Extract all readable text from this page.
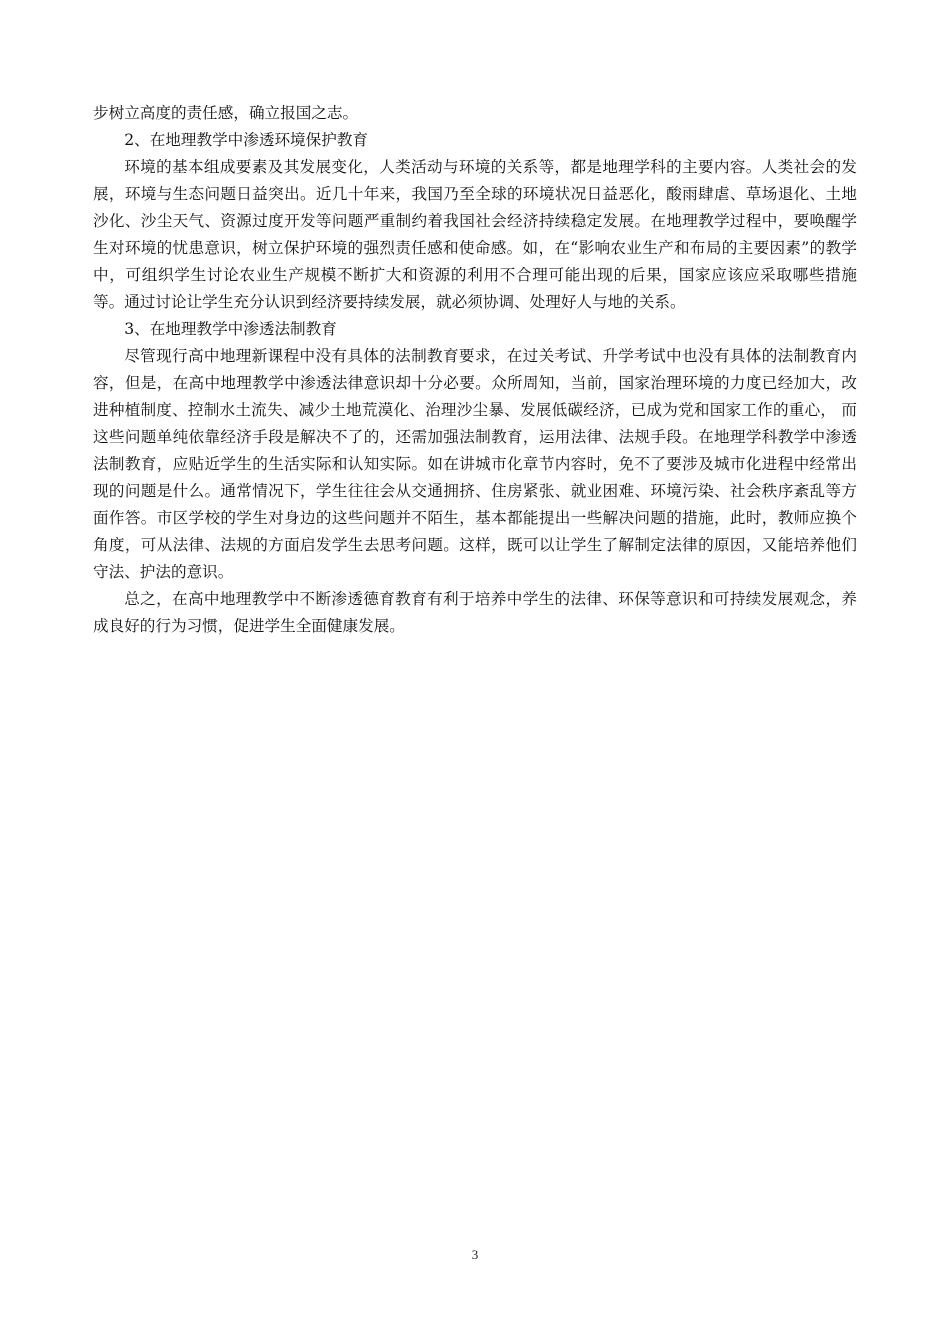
步树立高度的责任感，确立报国之志。

2、在地理教学中渗透环境保护教育

环境的基本组成要素及其发展变化，人类活动与环境的关系等，都是地理学科的主要内容。人类社会的发展，环境与生态问题日益突出。近几十年来，我国乃至全球的环境状况日益恶化，酸雨肆虐、草场退化、土地沙化、沙尘天气、资源过度开发等问题严重制约着我国社会经济持续稳定发展。在地理教学过程中，要唤醒学生对环境的忧患意识，树立保护环境的强烈责任感和使命感。如，在“影响农业生产和布局的主要因素”的教学中，可组织学生讨论农业生产规模不断扩大和资源的利用不合理可能出现的后果，国家应该应采取哪些措施等。通过讨论让学生充分认识到经济要持续发展，就必须协调、处理好人与地的关系。

3、在地理教学中渗透法制教育

尽管现行高中地理新课程中没有具体的法制教育要求，在过关考试、升学考试中也没有具体的法制教育内容，但是，在高中地理教学中渗透法律意识却十分必要。众所周知，当前，国家治理环境的力度已经加大，改进种植制度、控制水土流失、减少土地荒漠化、治理沙尘暴、发展低碳经济，已成为党和国家工作的重心， 而这些问题单纯依靠经济手段是解决不了的，还需加强法制教育，运用法律、法规手段。在地理学科教学中渗透法制教育，应贴近学生的生活实际和认知实际。如在讲城市化章节内容时，免不了要涉及城市化进程中经常出现的问题是什么。通常情况下，学生往往会从交通拥挤、住房紧张、就业困难、环境污染、社会秩序紊乱等方面作答。市区学校的学生对身边的这些问题并不陌生，基本都能提出一些解决问题的措施，此时，教师应换个角度，可从法律、法规的方面启发学生去思考问题。这样，既可以让学生了解制定法律的原因，又能培养他们守法、护法的意识。

总之，在高中地理教学中不断渗透德育教育有利于培养中学生的法律、环保等意识和可持续发展观念，养成良好的行为习惯，促进学生全面健康发展。

3
